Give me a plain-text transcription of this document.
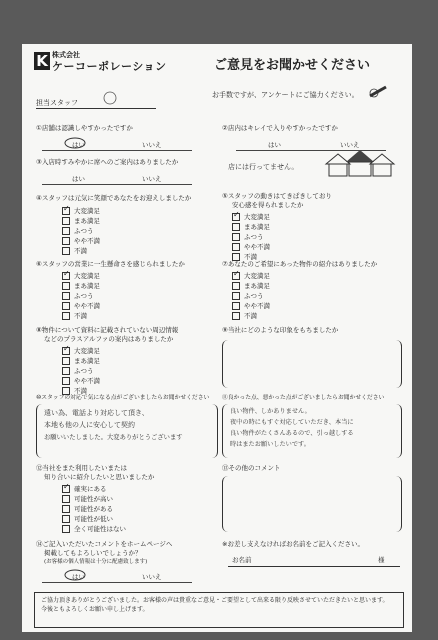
K 株式会社
ケーコーポレーション	ご意見をお聞かせください
お手数ですが、アンケートにご協力ください。
担当スタッフ
①店舗は認識しやすかったですか
はい	いいえ
②店内はキレイで入りやすかったですか
はい	いいえ
③入店時すみやかに席へのご案内はありましたか
はい	いいえ
店には行ってません。
④スタッフは元気に笑顔であなたをお迎えしましたか
✓大変満足
まあ満足
ふつう
やや不満
不満
⑤スタッフの動きはてきぱきしており
安心感を得られましたか
✓大変満足
まあ満足
ふつう
やや不満
不満
⑥スタッフの営業に一生懸命さを感じられましたか
✓大変満足
まあ満足
ふつう
やや不満
不満
⑦あなたのご希望にあった物件の紹介はありましたか
✓大変満足
まあ満足
ふつう
やや不満
不満
⑧物件について資料に記載されていない周辺情報
などのプラスアルファの案内はありましたか
✓大変満足
まあ満足
ふつう
やや不満
不満
⑨当社にどのような印象をもちましたか
⑩スタッフの対応で気になる点がございましたらお聞かせください
遠い為、電話より対応して頂き、
本地も他の人に安心して契約
お願いいたしました。大変ありがとうございます
⑪良かった点、悪かった点がございましたらお聞かせください
良い物件、しかありません。
夜中の時にもすぐ対応していただき、本当に
良い物件がたくさんあるので、引っ越しする
時はまたお願いしたいです。
⑫当社をまた利用したいまたは
知り合いに紹介したいと思いましたか
✓確実にある
可能性が高い
可能性がある
可能性が低い
全く可能性はない
⑬その他のコメント
⑭ご記入いただいたコメントをホームページへ
掲載してもよろしいでしょうか？
(お客様の個人情報は十分に配慮致します)
はい	いいえ
※お差し支えなければお名前をご記入ください。
お名前	様
ご協力頂きありがとうございました。お客様の声は貴重なご意見・ご要望として出来る限り反映させていただきたいと思います。
今後ともよろしくお願い申し上げます。
